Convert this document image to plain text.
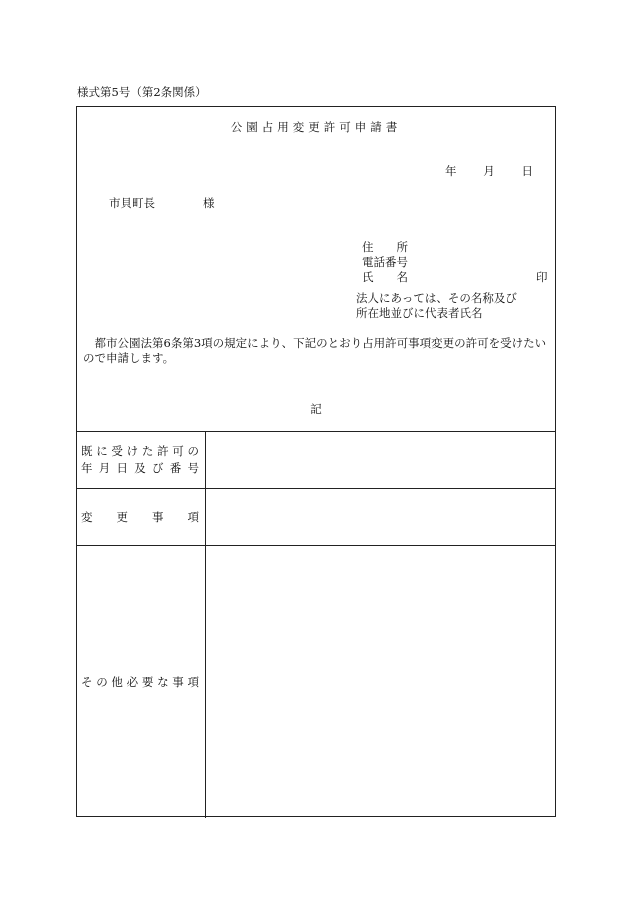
様式第5号（第2条関係）
公園占用変更許可申請書
年 月 日
市貝町長	様
住　　所
電話番号
氏　　名	印
法人にあっては、その名称及び
所在地並びに代表者氏名
都市公園法第6条第3項の規定により、下記のとおり占用許可事項変更の許可を受けたいので申請します。
記
既に受けた許可の
年月日及び番号
変更事項
その他必要な事項
